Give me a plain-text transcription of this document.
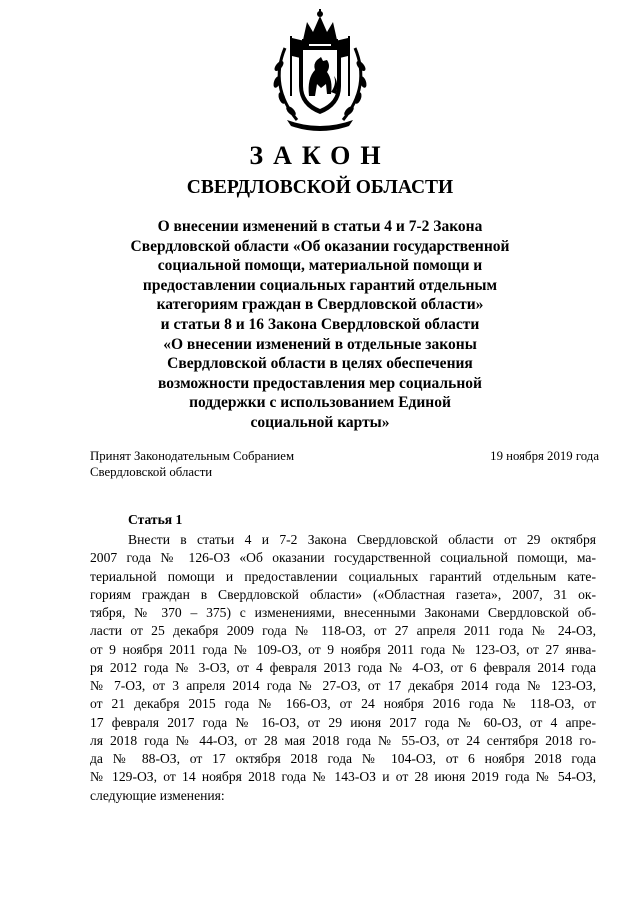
ЗАКОН
СВЕРДЛОВСКОЙ ОБЛАСТИ
О внесении изменений в статьи 4 и 7-2 Закона
Свердловской области «Об оказании государственной
социальной помощи, материальной помощи и
предоставлении социальных гарантий отдельным
категориям граждан в Свердловской области»
и статьи 8 и 16 Закона Свердловской области
«О внесении изменений в отдельные законы
Свердловской области в целях обеспечения
возможности предоставления мер социальной
поддержки с использованием Единой
социальной карты»
Принят Законодательным Собранием
Свердловской области
19 ноября 2019 года
Статья 1
Внести в статьи 4 и 7-2 Закона Свердловской области от 29 октября
2007 года № 126-ОЗ «Об оказании государственной социальной помощи, ма-
териальной помощи и предоставлении социальных гарантий отдельным кате-
гориям граждан в Свердловской области» («Областная газета», 2007, 31 ок-
тября, № 370 – 375) с изменениями, внесенными Законами Свердловской об-
ласти от 25 декабря 2009 года № 118-ОЗ, от 27 апреля 2011 года № 24-ОЗ,
от 9 ноября 2011 года № 109-ОЗ, от 9 ноября 2011 года № 123-ОЗ, от 27 янва-
ря 2012 года № 3-ОЗ, от 4 февраля 2013 года № 4-ОЗ, от 6 февраля 2014 года
№ 7-ОЗ, от 3 апреля 2014 года № 27-ОЗ, от 17 декабря 2014 года № 123-ОЗ,
от 21 декабря 2015 года № 166-ОЗ, от 24 ноября 2016 года № 118-ОЗ, от
17 февраля 2017 года № 16-ОЗ, от 29 июня 2017 года № 60-ОЗ, от 4 апре-
ля 2018 года № 44-ОЗ, от 28 мая 2018 года № 55-ОЗ, от 24 сентября 2018 го-
да № 88-ОЗ, от 17 октября 2018 года № 104-ОЗ, от 6 ноября 2018 года
№ 129-ОЗ, от 14 ноября 2018 года № 143-ОЗ и от 28 июня 2019 года № 54-ОЗ,
следующие изменения:
